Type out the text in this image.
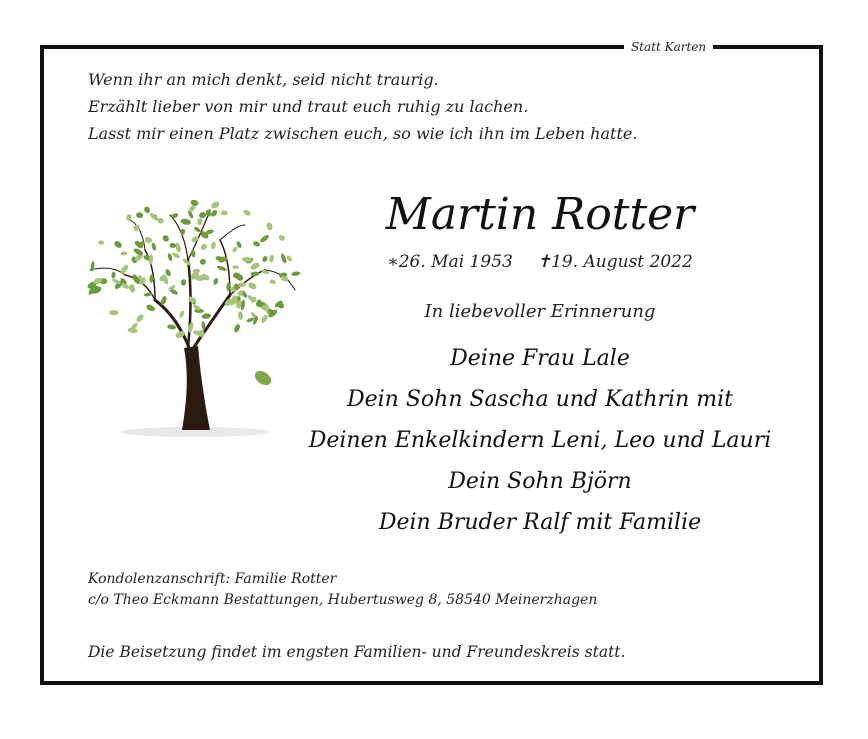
Statt Karten
Wenn ihr an mich denkt, seid nicht traurig.
Erzählt lieber von mir und traut euch ruhig zu lachen.
Lasst mir einen Platz zwischen euch, so wie ich ihn im Leben hatte.
Martin Rotter
∗26. Mai 1953 ✝19. August 2022
In liebevoller Erinnerung
Deine Frau Lale
Dein Sohn Sascha und Kathrin mit
Deinen Enkelkindern Leni, Leo und Lauri
Dein Sohn Björn
Dein Bruder Ralf mit Familie
Kondolenzanschrift: Familie Rotter
c/o Theo Eckmann Bestattungen, Hubertusweg 8, 58540 Meinerzhagen
Die Beisetzung findet im engsten Familien- und Freundeskreis statt.
